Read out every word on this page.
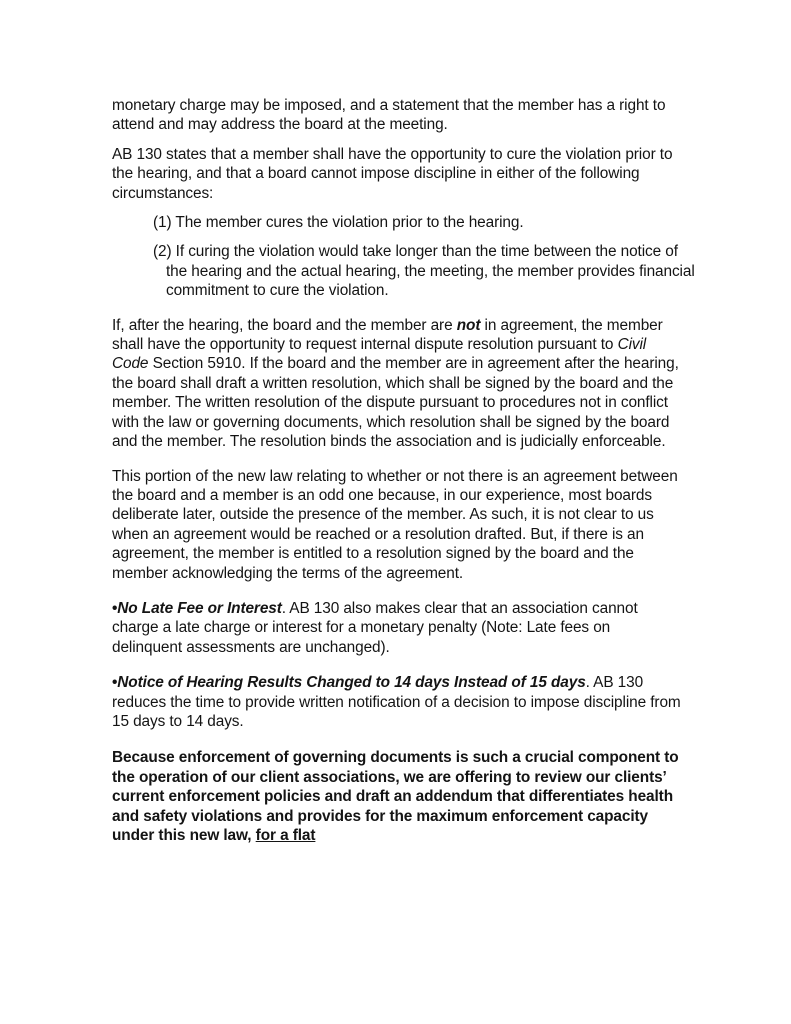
monetary charge may be imposed, and a statement that the member has a right to attend and may address the board at the meeting.

AB 130 states that a member shall have the opportunity to cure the violation prior to the hearing, and that a board cannot impose discipline in either of the following circumstances:

(1) The member cures the violation prior to the hearing.

(2) If curing the violation would take longer than the time between the notice of the hearing and the actual hearing, the meeting, the member provides financial commitment to cure the violation.

If, after the hearing, the board and the member are not in agreement, the member shall have the opportunity to request internal dispute resolution pursuant to Civil Code Section 5910. If the board and the member are in agreement after the hearing, the board shall draft a written resolution, which shall be signed by the board and the member. The written resolution of the dispute pursuant to procedures not in conflict with the law or governing documents, which resolution shall be signed by the board and the member. The resolution binds the association and is judicially enforceable.

This portion of the new law relating to whether or not there is an agreement between the board and a member is an odd one because, in our experience, most boards deliberate later, outside the presence of the member. As such, it is not clear to us when an agreement would be reached or a resolution drafted. But, if there is an agreement, the member is entitled to a resolution signed by the board and the member acknowledging the terms of the agreement.

•No Late Fee or Interest. AB 130 also makes clear that an association cannot charge a late charge or interest for a monetary penalty (Note: Late fees on delinquent assessments are unchanged).

•Notice of Hearing Results Changed to 14 days Instead of 15 days. AB 130 reduces the time to provide written notification of a decision to impose discipline from 15 days to 14 days.

Because enforcement of governing documents is such a crucial component to the operation of our client associations, we are offering to review our clients’ current enforcement policies and draft an addendum that differentiates health and safety violations and provides for the maximum enforcement capacity under this new law, for a flat
